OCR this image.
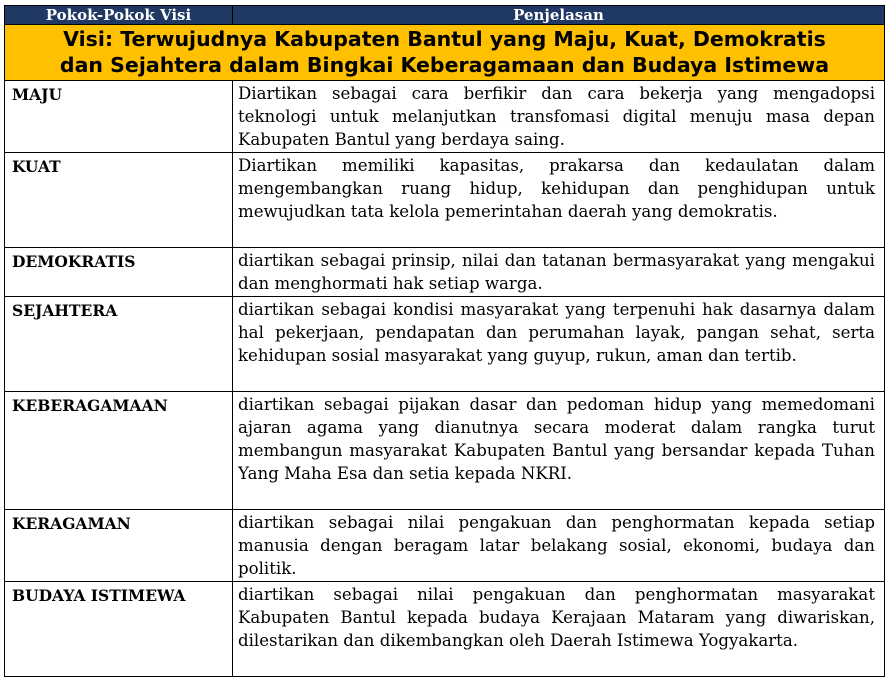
Pokok-Pokok Visi	Penjelasan
Visi: Terwujudnya Kabupaten Bantul yang Maju, Kuat, Demokratis
dan Sejahtera dalam Bingkai Keberagamaan dan Budaya Istimewa	
MAJU	Diartikan sebagai cara berfikir dan cara bekerja yang mengadopsi teknologi untuk melanjutkan transfomasi digital menuju masa depan Kabupaten Bantul yang berdaya saing.
KUAT	Diartikan memiliki kapasitas, prakarsa dan kedaulatan dalam mengembangkan ruang hidup, kehidupan dan penghidupan untuk mewujudkan tata kelola pemerintahan daerah yang demokratis.
DEMOKRATIS	diartikan sebagai prinsip, nilai dan tatanan bermasyarakat yang mengakui dan menghormati hak setiap warga.
SEJAHTERA	diartikan sebagai kondisi masyarakat yang terpenuhi hak dasarnya dalam hal pekerjaan, pendapatan dan perumahan layak, pangan sehat, serta kehidupan sosial masyarakat yang guyup, rukun, aman dan tertib.
KEBERAGAMAAN	diartikan sebagai pijakan dasar dan pedoman hidup yang memedomani ajaran agama yang dianutnya secara moderat dalam rangka turut membangun masyarakat Kabupaten Bantul yang bersandar kepada Tuhan Yang Maha Esa dan setia kepada NKRI.
KERAGAMAN	diartikan sebagai nilai pengakuan dan penghormatan kepada setiap manusia dengan beragam latar belakang sosial, ekonomi, budaya dan politik.
BUDAYA ISTIMEWA	diartikan sebagai nilai pengakuan dan penghormatan masyarakat Kabupaten Bantul kepada budaya Kerajaan Mataram yang diwariskan, dilestarikan dan dikembangkan oleh Daerah Istimewa Yogyakarta.
